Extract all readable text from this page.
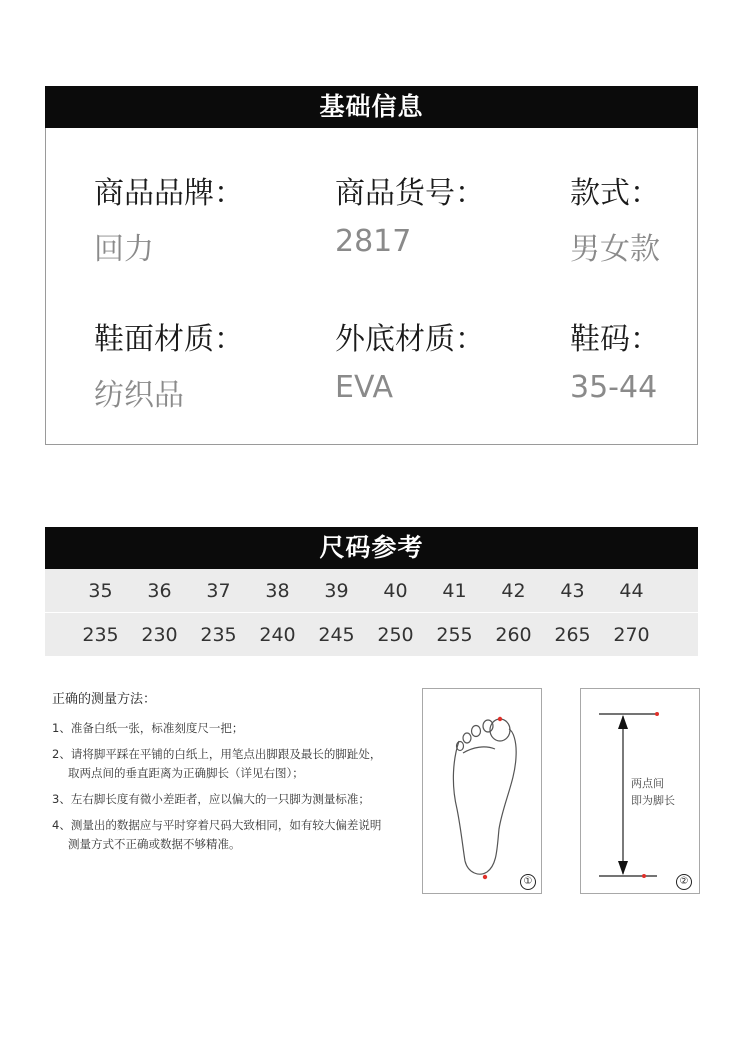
基础信息
商品品牌：
回力
商品货号：
2817
款式：
男女款
鞋面材质：
纺织品
外底材质：
EVA
鞋码：
35-44
尺码参考
35	36	37	38	39	40	41	42	43	44
235	230	235	240	245	250	255	260	265	270
正确的测量方法：
1、准备白纸一张，标准刻度尺一把；
2、请将脚平踩在平铺的白纸上，用笔点出脚跟及最长的脚趾处，
取两点间的垂直距离为正确脚长（详见右图）；
3、左右脚长度有微小差距者，应以偏大的一只脚为测量标准；
4、测量出的数据应与平时穿着尺码大致相同，如有较大偏差说明
测量方式不正确或数据不够精准。
①
两点间
即为脚长
②
